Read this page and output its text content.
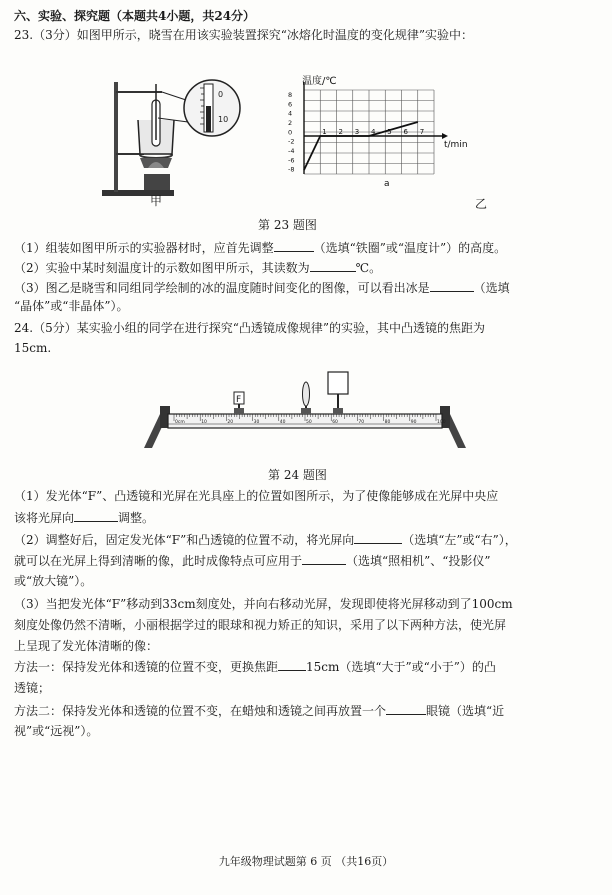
六、实验、探究题（本题共4小题，共24分）
23.（3分）如图甲所示，晓雪在用该实验装置探究“冰熔化时温度的变化规律”实验中：
0
10
温度/℃
t/min
1 2 3 4 5 6 7
8
6
4
2
0
-2
-4
-6
-8
a
甲	乙
第 23 题图
（1）组装如图甲所示的实验器材时，应首先调整	（选填“铁圈”或“温度计”）的高度。
（2）实验中某时刻温度计的示数如图甲所示，其读数为	℃。
（3）图乙是晓雪和同组同学绘制的冰的温度随时间变化的图像，可以看出冰是	（选填
“晶体”或“非晶体”）。
24.（5分）某实验小组的同学在进行探究“凸透镜成像规律”的实验，其中凸透镜的焦距为
15cm.
0cm	10	20	30	40	50	60	70	80	90	100
F
第 24 题图
（1）发光体“F”、凸透镜和光屏在光具座上的位置如图所示，为了使像能够成在光屏中央应
该将光屏向	调整。
（2）调整好后，固定发光体“F”和凸透镜的位置不动，将光屏向	（选填“左”或“右”），
就可以在光屏上得到清晰的像，此时成像特点可应用于	（选填“照相机”、“投影仪”
或“放大镜”）。
（3）当把发光体“F”移动到33cm刻度处，并向右移动光屏，发现即使将光屏移动到了100cm
刻度处像仍然不清晰，小丽根据学过的眼球和视力矫正的知识，采用了以下两种方法，使光屏
上呈现了发光体清晰的像：
方法一：保持发光体和透镜的位置不变，更换焦距 15cm（选填“大于”或“小于”）的凸
透镜；
方法二：保持发光体和透镜的位置不变，在蜡烛和透镜之间再放置一个	眼镜（选填“近
视”或“远视”）。
九年级物理试题第 6 页 （共16页）
